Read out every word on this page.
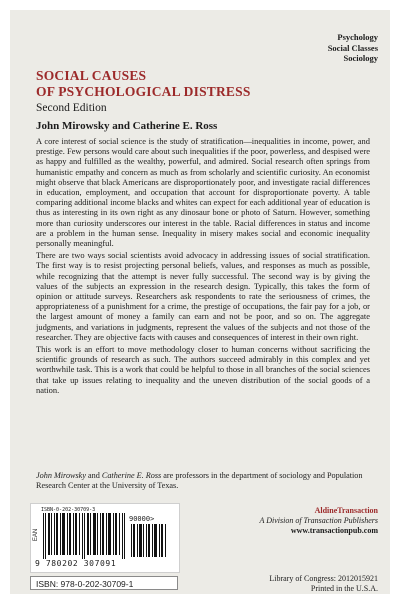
Psychology
Social Classes
Sociology
SOCIAL CAUSES
OF PSYCHOLOGICAL DISTRESS
Second Edition
John Mirowsky and Catherine E. Ross

A core interest of social science is the study of stratification—inequalities in income, power, and prestige. Few persons would care about such inequalities if the poor, powerless, and despised were as happy and fulfilled as the wealthy, powerful, and admired. Social research often springs from humanistic empathy and concern as much as from scholarly and scientific curiosity. An economist might observe that black Americans are disproportionately poor, and investigate racial differences in education, employment, and occupation that account for disproportionate poverty. A table comparing additional income blacks and whites can expect for each additional year of education is thus as interesting in its own right as any dinosaur bone or photo of Saturn. However, something more than curiosity underscores our interest in the table. Racial differences in status and income are a problem in the human sense. Inequality in misery makes social and economic inequality personally meaningful.

There are two ways social scientists avoid advocacy in addressing issues of social stratification. The first way is to resist projecting personal beliefs, values, and responses as much as possible, while recognizing that the attempt is never fully successful. The second way is by giving the values of the subjects an expression in the research design. Typically, this takes the form of opinion or attitude surveys. Researchers ask respondents to rate the seriousness of crimes, the appropriateness of a punishment for a crime, the prestige of occupations, the fair pay for a job, or the largest amount of money a family can earn and not be poor, and so on. The aggregate judgments, and variations in judgments, represent the values of the subjects and not those of the researcher. They are objective facts with causes and consequences of interest in their own right.

This work is an effort to move methodology closer to human concerns without sacrificing the scientific grounds of research as such. The authors succeed admirably in this complex and yet worthwhile task. This is a work that could be helpful to those in all branches of the social sciences that take up issues relating to inequality and the uneven distribution of the social goods of a nation.

John Mirowsky and Catherine E. Ross are professors in the department of sociology and Population Research Center at the University of Texas.
ISBN-0-202-30709-3
EAN
90000>
9 780202 307091
ISBN: 978-0-202-30709-1
AldineTransaction
A Division of Transaction Publishers
www.transactionpub.com
Library of Congress: 2012015921
Printed in the U.S.A.
